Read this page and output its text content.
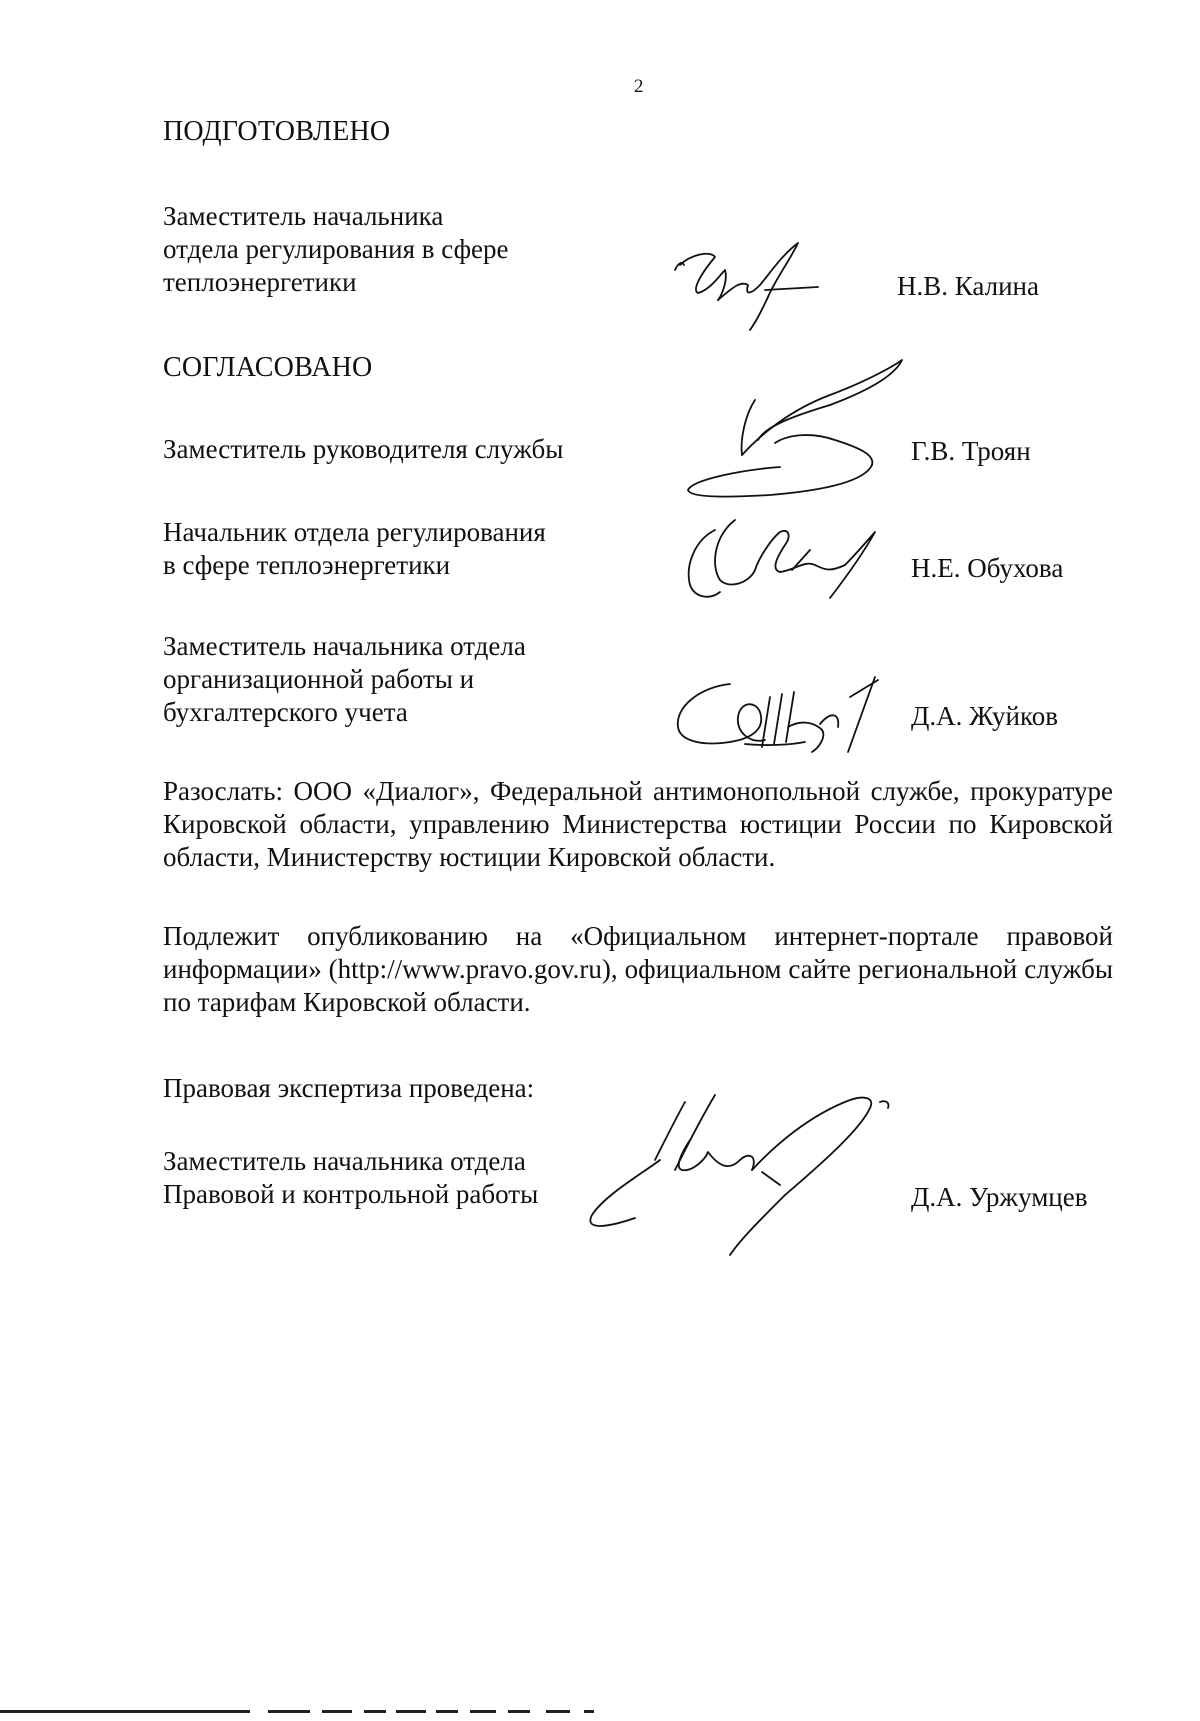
2
ПОДГОТОВЛЕНО
Заместитель начальника
отдела регулирования в сфере
теплоэнергетики	Н.В. Калина
СОГЛАСОВАНО
Заместитель руководителя службы	Г.В. Троян
Начальник отдела регулирования
в сфере теплоэнергетики	Н.Е. Обухова
Заместитель начальника отдела
организационной работы и
бухгалтерского учета	Д.А. Жуйков
Разослать: ООО «Диалог», Федеральной антимонопольной службе, прокуратуре Кировской области, управлению Министерства юстиции России по Кировской области, Министерству юстиции Кировской области.
Подлежит опубликованию на «Официальном интернет-портале правовой информации» (http://www.pravo.gov.ru), официальном сайте региональной службы по тарифам Кировской области.
Правовая экспертиза проведена:
Заместитель начальника отдела
Правовой и контрольной работы	Д.А. Уржумцев
